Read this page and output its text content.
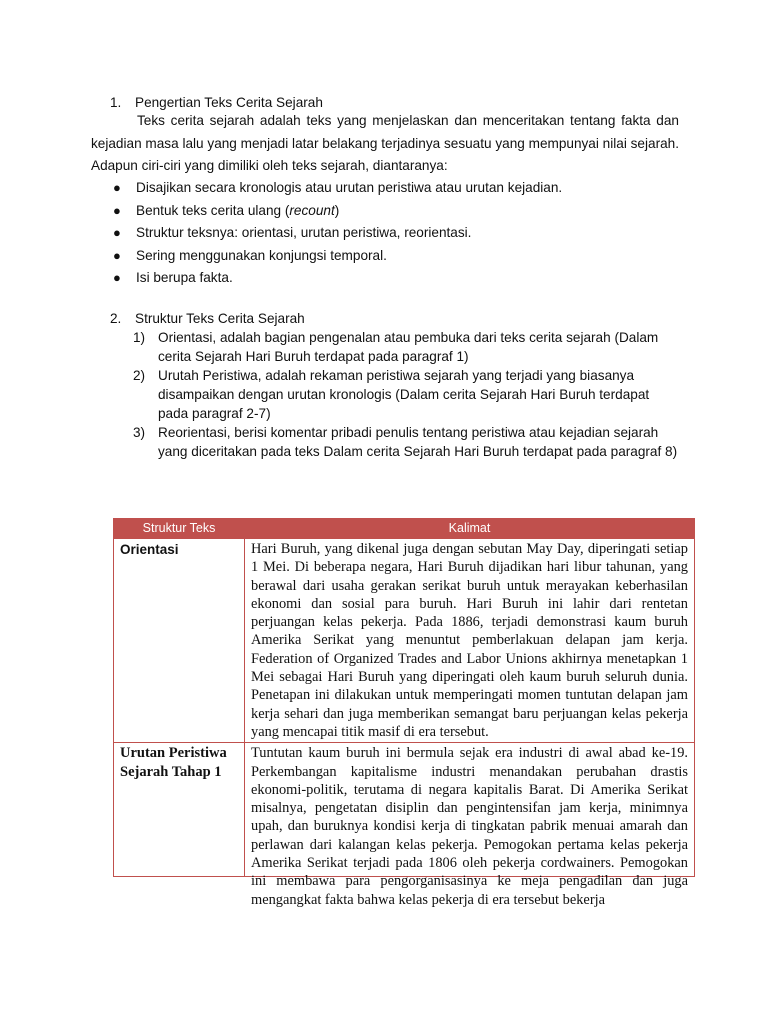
1. Pengertian Teks Cerita Sejarah
Teks cerita sejarah adalah teks yang menjelaskan dan menceritakan tentang fakta dan kejadian masa lalu yang menjadi latar belakang terjadinya sesuatu yang mempunyai nilai sejarah. Adapun ciri-ciri yang dimiliki oleh teks sejarah, diantaranya:
● Disajikan secara kronologis atau urutan peristiwa atau urutan kejadian.
● Bentuk teks cerita ulang (recount)
● Struktur teksnya: orientasi, urutan peristiwa, reorientasi.
● Sering menggunakan konjungsi temporal.
● Isi berupa fakta.
2. Struktur Teks Cerita Sejarah
1) Orientasi, adalah bagian pengenalan atau pembuka dari teks cerita sejarah (Dalam cerita Sejarah Hari Buruh terdapat pada paragraf 1)
2) Urutah Peristiwa, adalah rekaman peristiwa sejarah yang terjadi yang biasanya disampaikan dengan urutan kronologis (Dalam cerita Sejarah Hari Buruh terdapat pada paragraf 2-7)
3) Reorientasi, berisi komentar pribadi penulis tentang peristiwa atau kejadian sejarah yang diceritakan pada teks Dalam cerita Sejarah Hari Buruh terdapat pada paragraf 8)
Struktur Teks	Kalimat
Orientasi	Hari Buruh, yang dikenal juga dengan sebutan May Day, diperingati setiap 1 Mei. Di beberapa negara, Hari Buruh dijadikan hari libur tahunan, yang berawal dari usaha gerakan serikat buruh untuk merayakan keberhasilan ekonomi dan sosial para buruh. Hari Buruh ini lahir dari rentetan perjuangan kelas pekerja. Pada 1886, terjadi demonstrasi kaum buruh Amerika Serikat yang menuntut pemberlakuan delapan jam kerja. Federation of Organized Trades and Labor Unions akhirnya menetapkan 1 Mei sebagai Hari Buruh yang diperingati oleh kaum buruh seluruh dunia. Penetapan ini dilakukan untuk memperingati momen tuntutan delapan jam kerja sehari dan juga memberikan semangat baru perjuangan kelas pekerja yang mencapai titik masif di era tersebut.
Urutan Peristiwa Sejarah Tahap 1	Tuntutan kaum buruh ini bermula sejak era industri di awal abad ke-19. Perkembangan kapitalisme industri menandakan perubahan drastis ekonomi-politik, terutama di negara kapitalis Barat. Di Amerika Serikat misalnya, pengetatan disiplin dan pengintensifan jam kerja, minimnya upah, dan buruknya kondisi kerja di tingkatan pabrik menuai amarah dan perlawan dari kalangan kelas pekerja. Pemogokan pertama kelas pekerja Amerika Serikat terjadi pada 1806 oleh pekerja cordwainers. Pemogokan ini membawa para pengorganisasinya ke meja pengadilan dan juga mengangkat fakta bahwa kelas pekerja di era tersebut bekerja
